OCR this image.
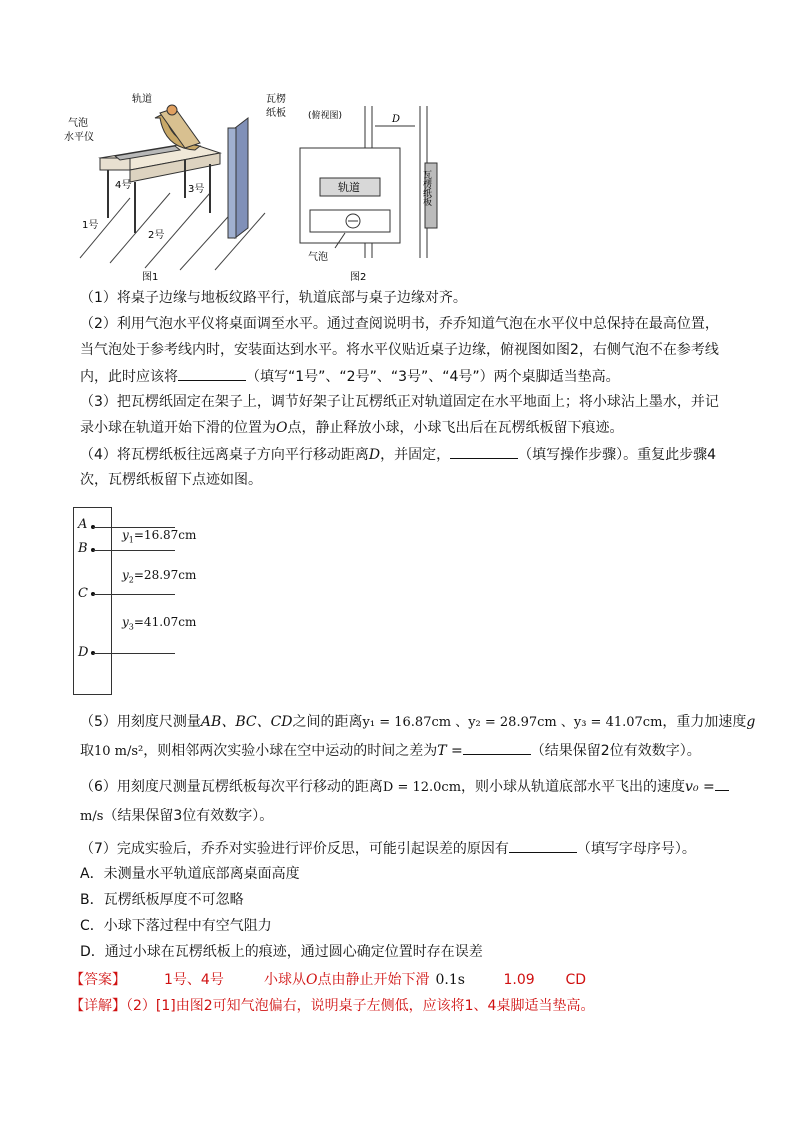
轨道
气泡
水平仪
瓦楞
纸板
1号
2号
3号
4号
图1
(俯视图)	D
轨道
气泡
瓦楞纸板
图2
（1）将桌子边缘与地板纹路平行，轨道底部与桌子边缘对齐。
（2）利用气泡水平仪将桌面调至水平。通过查阅说明书，乔乔知道气泡在水平仪中总保持在最高位置，
当气泡处于参考线内时，安装面达到水平。将水平仪贴近桌子边缘，俯视图如图2，右侧气泡不在参考线
内，此时应该将	（填写“1号”、“2号”、“3号”、“4号”）两个桌脚适当垫高。
（3）把瓦楞纸固定在架子上，调节好架子让瓦楞纸正对轨道固定在水平地面上；将小球沾上墨水，并记
录小球在轨道开始下滑的位置为O点，静止释放小球，小球飞出后在瓦楞纸板留下痕迹。
（4）将瓦楞纸板往远离桌子方向平行移动距离D，并固定，	（填写操作步骤）。重复此步骤4
次，瓦楞纸板留下点迹如图。
A
B
C
D
$y_1=16.87cm$
$y_2=28.97cm$
$y_3=41.07cm$
（5）用刻度尺测量AB、BC、CD之间的距离y₁ = 16.87cm 、y₂ = 28.97cm 、y₃ = 41.07cm，重力加速度g
取10 m/s²，则相邻两次实验小球在空中运动的时间之差为T =	（结果保留2位有效数字）。
（6）用刻度尺测量瓦楞纸板每次平行移动的距离D = 12.0cm，则小球从轨道底部水平飞出的速度v₀ =
m/s（结果保留3位有效数字）。
（7）完成实验后，乔乔对实验进行评价反思，可能引起误差的原因有	（填写字母序号）。
A．未测量水平轨道底部离桌面高度
B．瓦楞纸板厚度不可忽略
C．小球下落过程中有空气阻力
D．通过小球在瓦楞纸板上的痕迹，通过圆心确定位置时存在误差
【答案】	1号、4号	小球从O点由静止开始下滑 0.1s	1.09 CD
【详解】（2）[1]由图2可知气泡偏右，说明桌子左侧低，应该将1、4桌脚适当垫高。
